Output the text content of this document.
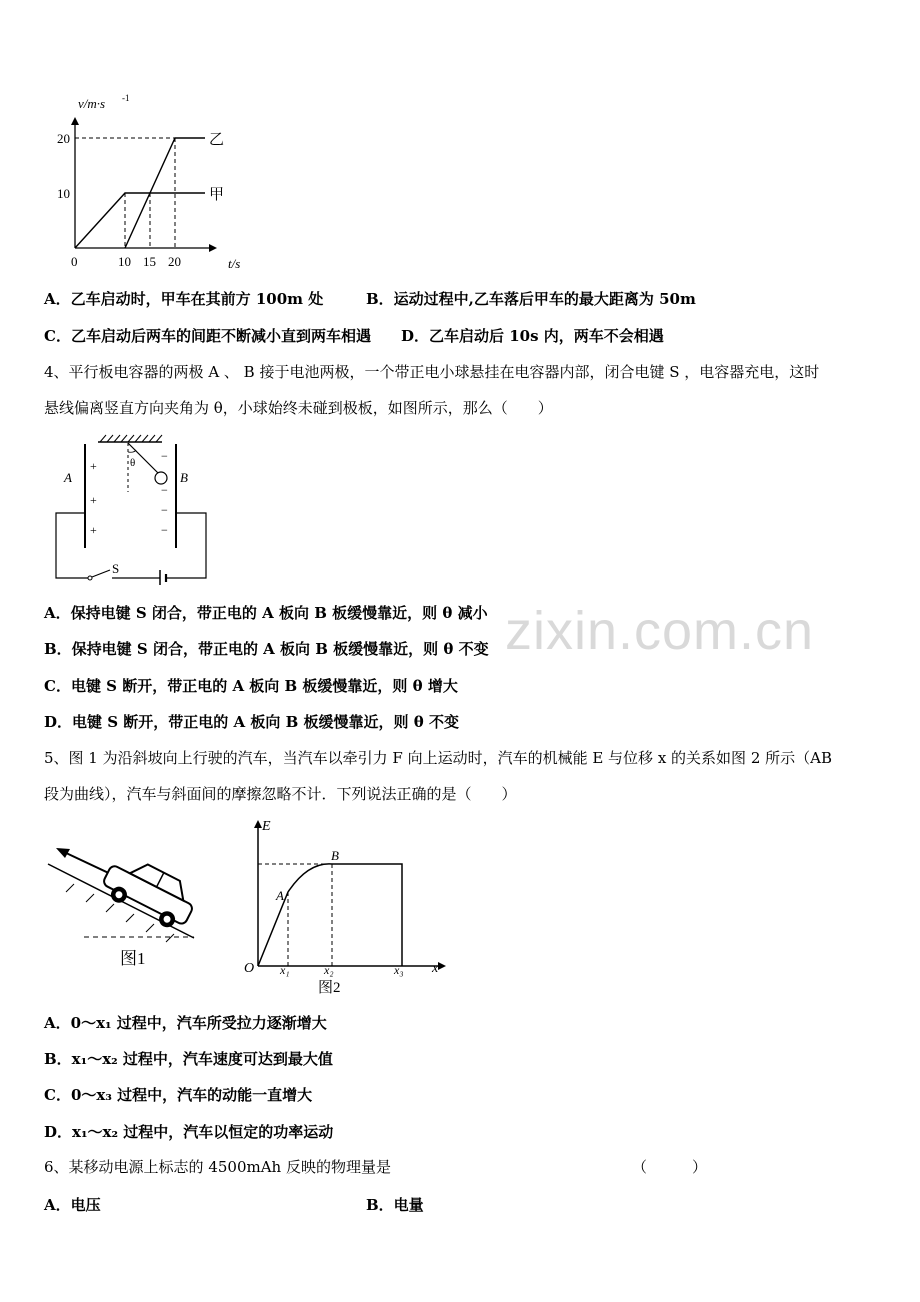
0	10 15 20
10
20	乙
甲
v/m·s -1
t/s
A．乙车启动时，甲车在其前方 100m 处	B．运动过程中,乙车落后甲车的最大距离为 50m
C．乙车启动后两车的间距不断减小直到两车相遇 D．乙车启动后 10s 内，两车不会相遇
4、平行板电容器的两极 A 、 B 接于电池两极，一个带正电小球悬挂在电容器内部，闭合电键 S ，电容器充电，这时
悬线偏离竖直方向夹角为 θ，小球始终未碰到极板，如图所示，那么（　　）
θ
A	B
+
+
+
−
−
−
−
S
A．保持电键 S 闭合，带正电的 A 板向 B 板缓慢靠近，则 θ 减小
B．保持电键 S 闭合，带正电的 A 板向 B 板缓慢靠近，则 θ 不变
C．电键 S 断开，带正电的 A 板向 B 板缓慢靠近，则 θ 增大
D．电键 S 断开，带正电的 A 板向 B 板缓慢靠近，则 θ 不变
5、图 1 为沿斜坡向上行驶的汽车，当汽车以牵引力 F 向上运动时，汽车的机械能 E 与位移 x 的关系如图 2 所示（AB
段为曲线），汽车与斜面间的摩擦忽略不计．下列说法正确的是（　　）
图1
E
O	x
A
B
x₁	x₂	x₃
图2
A．0～x₁ 过程中，汽车所受拉力逐渐增大
B．x₁～x₂ 过程中，汽车速度可达到最大值
C．0～x₃ 过程中，汽车的动能一直增大
D．x₁～x₂ 过程中，汽车以恒定的功率运动
6、某移动电源上标志的 4500mAh 反映的物理量是	（　　　）
A．电压	B．电量
zixin.com.cn
